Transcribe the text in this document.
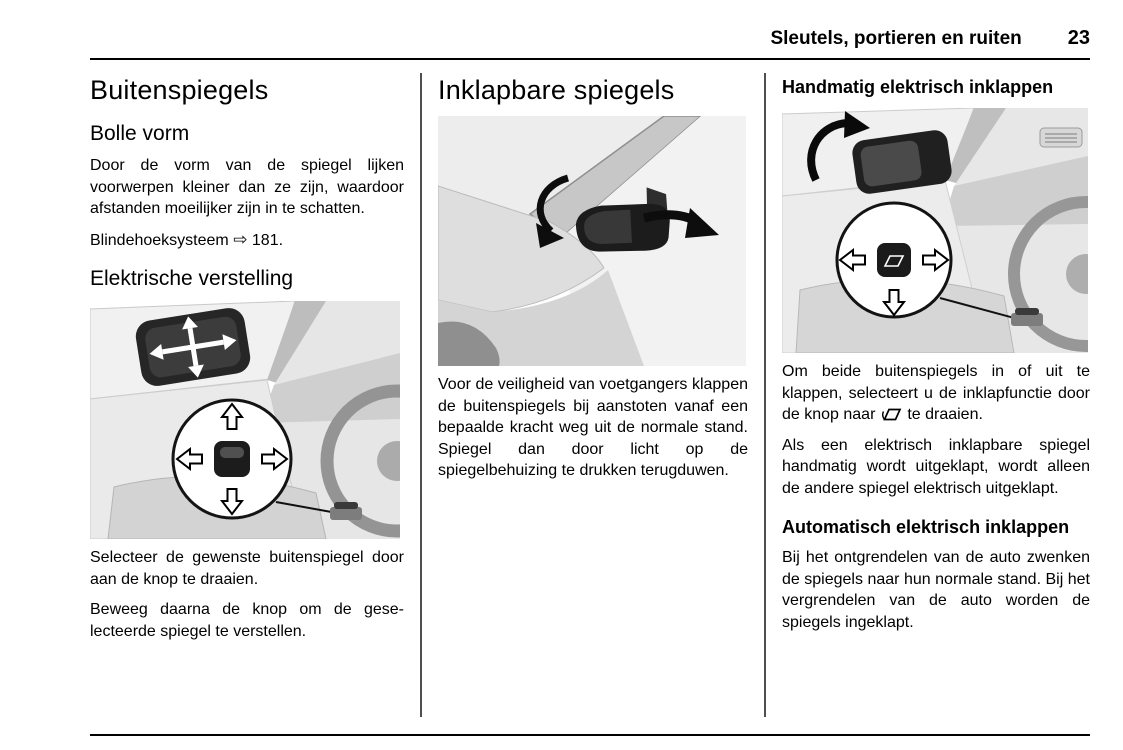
Sleutels, portieren en ruiten 23
Buitenspiegels
Bolle vorm

Door de vorm van de spiegel lijken voorwerpen kleiner dan ze zijn, waardoor afstanden moeilijker zijn in te schatten.

Blindehoeksysteem ⇨ 181.

Elektrische verstelling

Selecteer de gewenste buitenspiegel door aan de knop te draaien.

Beweeg daarna de knop om de geselecteerde spiegel te verstellen.

Inklapbare spiegels

Voor de veiligheid van voetgangers klappen de buitenspiegels bij aanstoten vanaf een bepaalde kracht weg uit de normale stand. Spiegel dan door licht op de spiegelbehuizing te drukken terugduwen.

Handmatig elektrisch inklappen

Om beide buitenspiegels in of uit te klappen, selecteert u de inklapfunctie door de knop naar te draaien.

Als een elektrisch inklapbare spiegel handmatig wordt uitgeklapt, wordt alleen de andere spiegel elektrisch uitgeklapt.

Automatisch elektrisch inklappen

Bij het ontgrendelen van de auto zwenken de spiegels naar hun normale stand. Bij het vergrendelen van de auto worden de spiegels ingeklapt.
